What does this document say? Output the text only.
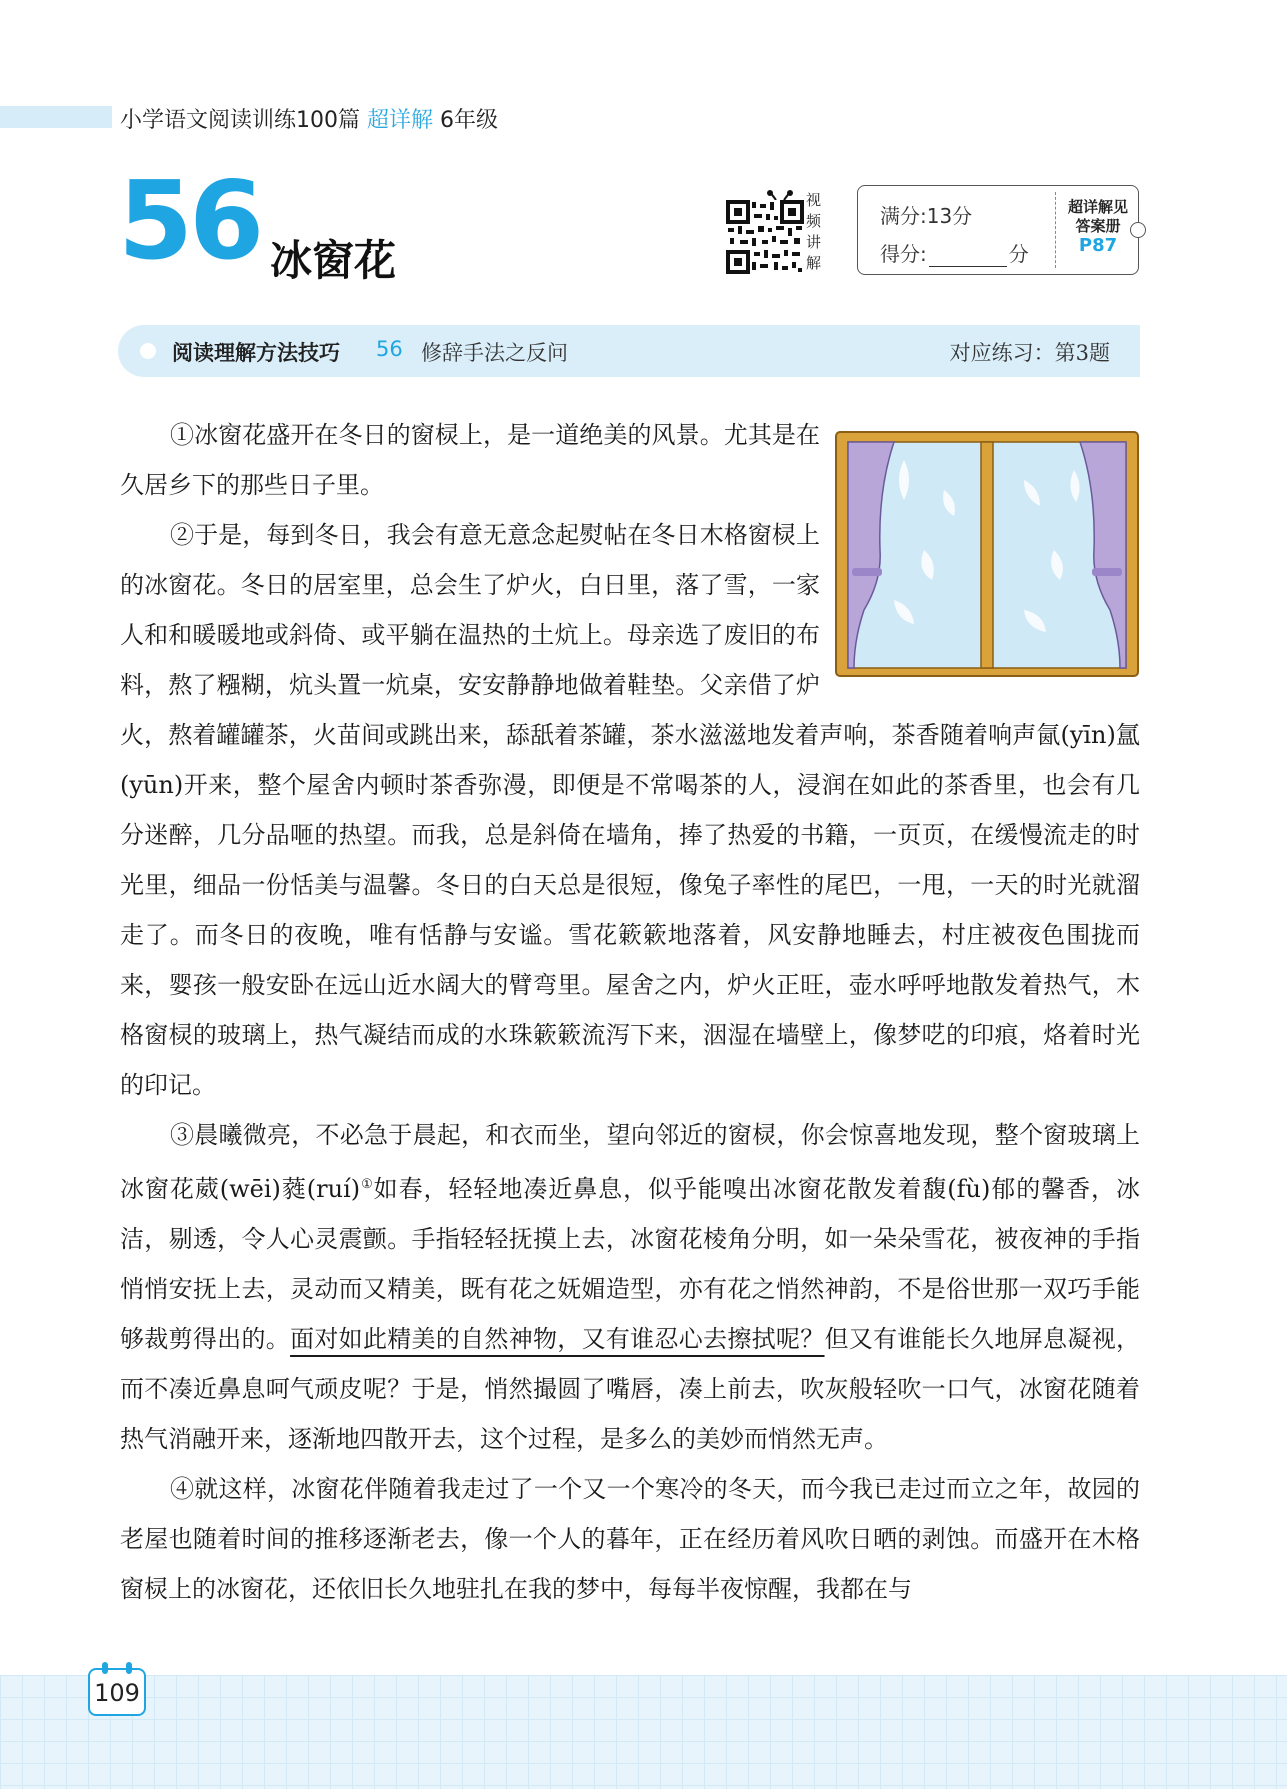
小学语文阅读训练100篇 超详解 6年级
56 冰窗花
视
频
讲
解
满分:13分
得分:	分
超详解见
答案册
P87
阅读理解方法技巧 56 修辞手法之反问	对应练习：第3题

①冰窗花盛开在冬日的窗棂上，是一道绝美的风景。尤其是在久居乡下的那些日子里。

②于是，每到冬日，我会有意无意念起熨帖在冬日木格窗棂上的冰窗花。冬日的居室里，总会生了炉火，白日里，落了雪，一家人和和暖暖地或斜倚、或平躺在温热的土炕上。母亲选了废旧的布料，熬了糨糊，炕头置一炕桌，安安静静地做着鞋垫。父亲借了炉火，熬着罐罐茶，火苗间或跳出来，舔舐着茶罐，茶水滋滋地发着声响，茶香随着响声氤(yīn)氲(yūn)开来，整个屋舍内顿时茶香弥漫，即便是不常喝茶的人，浸润在如此的茶香里，也会有几分迷醉，几分品咂的热望。而我，总是斜倚在墙角，捧了热爱的书籍，一页页，在缓慢流走的时光里，细品一份恬美与温馨。冬日的白天总是很短，像兔子率性的尾巴，一甩，一天的时光就溜走了。而冬日的夜晚，唯有恬静与安谧。雪花簌簌地落着，风安静地睡去，村庄被夜色围拢而来，婴孩一般安卧在远山近水阔大的臂弯里。屋舍之内，炉火正旺，壶水呼呼地散发着热气，木格窗棂的玻璃上，热气凝结而成的水珠簌簌流泻下来，洇湿在墙壁上，像梦呓的印痕，烙着时光的印记。

③晨曦微亮，不必急于晨起，和衣而坐，望向邻近的窗棂，你会惊喜地发现，整个窗玻璃上冰窗花葳(wēi)蕤(ruí)①如春，轻轻地凑近鼻息，似乎能嗅出冰窗花散发着馥(fù)郁的馨香，冰洁，剔透，令人心灵震颤。手指轻轻抚摸上去，冰窗花棱角分明，如一朵朵雪花，被夜神的手指悄悄安抚上去，灵动而又精美，既有花之妩媚造型，亦有花之悄然神韵，不是俗世那一双巧手能够裁剪得出的。面对如此精美的自然神物，又有谁忍心去擦拭呢？但又有谁能长久地屏息凝视，而不凑近鼻息呵气顽皮呢？于是，悄然撮圆了嘴唇，凑上前去，吹灰般轻吹一口气，冰窗花随着热气消融开来，逐渐地四散开去，这个过程，是多么的美妙而悄然无声。

④就这样，冰窗花伴随着我走过了一个又一个寒冷的冬天，而今我已走过而立之年，故园的老屋也随着时间的推移逐渐老去，像一个人的暮年，正在经历着风吹日晒的剥蚀。而盛开在木格窗棂上的冰窗花，还依旧长久地驻扎在我的梦中，每每半夜惊醒，我都在与

109
